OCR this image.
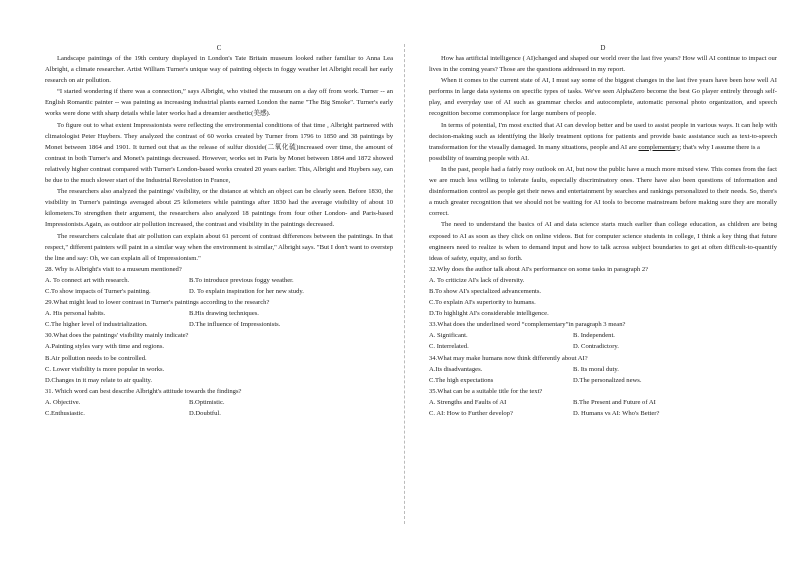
C

Landscape paintings of the 19th century displayed in London's Tate Britain museum looked rather familiar to Anna Lea Albright, a climate researcher. Artist William Turner's unique way of painting objects in foggy weather let Albright recall her early research on air pollution.

“I started wondering if there was a connection,” says Albright, who visited the museum on a day off from work. Turner -- an English Romantic painter -- was painting as increasing industrial plants earned London the name "The Big Smoke". Turner's early works were done with sharp details while later works had a dreamier aesthetic(美感).

To figure out to what extent Impressionists were reflecting the environmental conditions of that time , Albright partnered with climatologist Peter Huybers. They analyzed the contrast of 60 works created by Turner from 1796 to 1850 and 38 paintings by Monet between 1864 and 1901. It turned out that as the release of sulfur dioxide(二氧化硫)increased over time, the amount of contrast in both Turner's and Monet's paintings decreased. However, works set in Paris by Monet between 1864 and 1872 showed relatively higher contrast compared with Turner's London-based works created 20 years earlier. This, Albright and Huybers say, can be due to the much slower start of the Industrial Revolution in France,

The researchers also analyzed the paintings' visibility, or the distance at which an object can be clearly seen. Before 1830, the visibility in Turner's paintings averaged about 25 kilometers while paintings after 1830 had the average visibility of about 10 kilometers.To strengthen their argument, the researchers also analyzed 18 paintings from four other London- and Paris-based Impressionists.Again, as outdoor air pollution increased, the contrast and visibility in the paintings decreased.

The researchers calculate that air pollution can explain about 61 percent of contrast differences between the paintings. In that respect," different painters will paint in a similar way when the environment is similar," Albright says. "But I don't want to overstep the line and say: Oh, we can explain all of Impressionism."

28. Why is Albright's visit to a museum mentioned?

A. To connect art with research.	B.To introduce previous foggy weather.
C.To show impacts of Turner's painting.	D. To explain inspiration for her new study.

29.What might lead to lower contrast in Turner's paintings according to the research?

A. His personal habits.	B.His drawing techniques.
C.The higher level of industrialization.	D.The influence of Impressionists.

30.What does the paintings' visibility mainly indicate?

A.Painting styles vary with time and regions.

B.Air pollution needs to be controlled.

C. Lower visibility is more popular in works.

D.Changes in it may relate to air quality.

31. Which word can best describe Albright's attitude towards the findings?

A. Objective.	B.Optimistic.
C.Enthusiastic.	D.Doubtful.
D

How has artificial intelligence ( AI)changed and shaped our world over the last five years? How will AI continue to impact our lives in the coming years? Those are the questions addressed in my report.

When it comes to the current state of AI, I must say some of the biggest changes in the last five years have been how well AI performs in large data systems on specific types of tasks. We've seen AlphaZero become the best Go player entirely through self-play, and everyday use of AI such as grammar checks and autocomplete, automatic personal photo organization, and speech recognition become commonplace for large numbers of people.

In terms of potential, I'm most excited that AI can develop better and be used to assist people in various ways. It can help with decision-making such as identifying the likely treatment options for patients and provide basic assistance such as text-to-speech transformation for the visually damaged. In many situations, people and AI are complementary; that's why I assume there is a
possibility of teaming people with AI.

In the past, people had a fairly rosy outlook on AI, but now the public have a much more mixed view. This comes from the fact we are much less willing to tolerate faults, especially discriminatory ones. There have also been questions of information and disinformation control as people get their news and entertainment by searches and rankings personalized to their needs. So, there's a much greater recognition that we should not be waiting for AI tools to become mainstream before making sure they are morally correct.

The need to understand the basics of AI and data science starts much earlier than college education, as children are being exposed to AI as soon as they click on online videos. But for computer science students in college, I think a key thing that future engineers need to realize is when to demand input and how to talk across subject boundaries to get at often difficult-to-quantify ideas of safety, equity, and so forth.

32.Why does the author talk about AI's performance on some tasks in paragraph 2?

A. To criticize AI's lack of diversity.

B.To show AI's specialized advancements.

C.To explain AI's superiority to humans.

D.To highlight AI's considerable intelligence.

33.What does the underlined word “complementary”in paragraph 3 mean?

A. Significant.	B. Independent.
C. Interrelated.	D. Contradictory.

34.What may make humans now think differently about AI?

A.Its disadvantages.	B. Its moral duty.
C.The high expectations	D.The personalized news.

35.What can be a suitable title for the text?

A. Strengths and Faults of AI	B.The Present and Future of AI
C. AI: How to Further develop?	D. Humans vs AI: Who's Better?
